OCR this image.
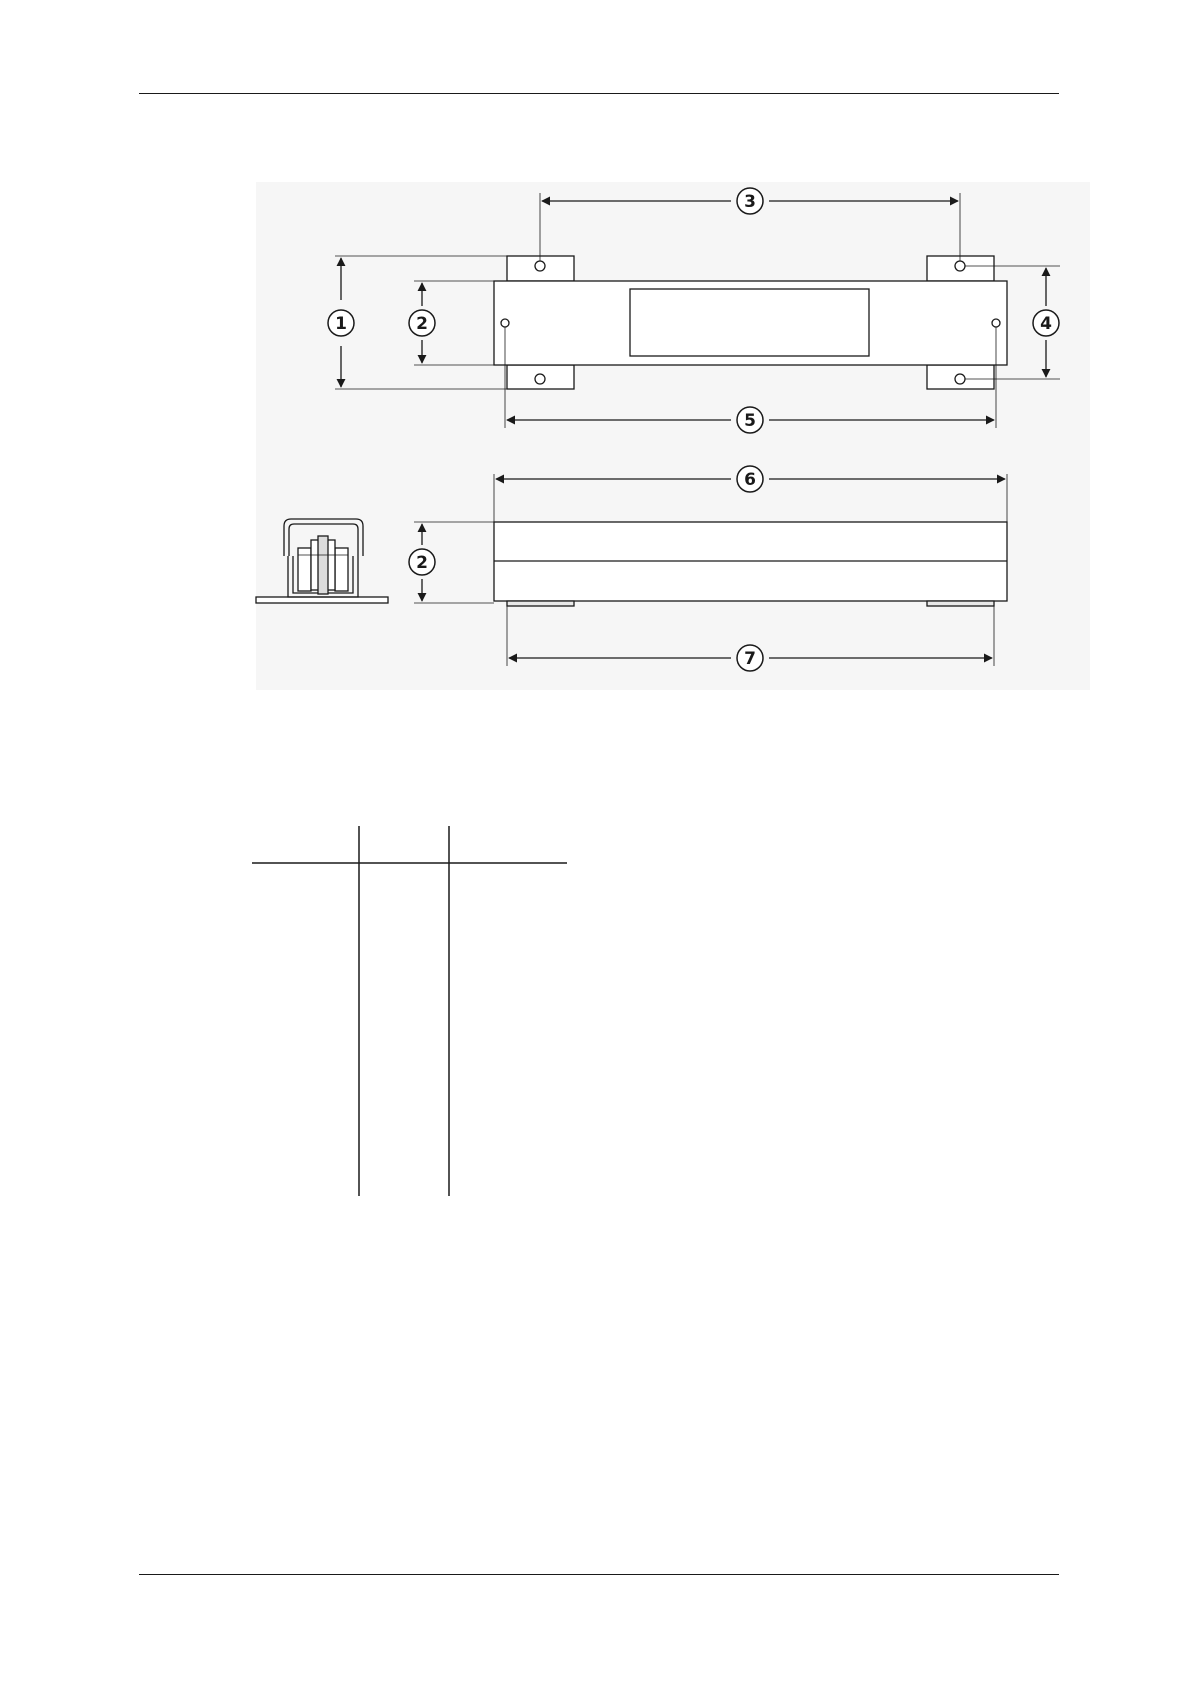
1	2
3
4
5
6
2
7
